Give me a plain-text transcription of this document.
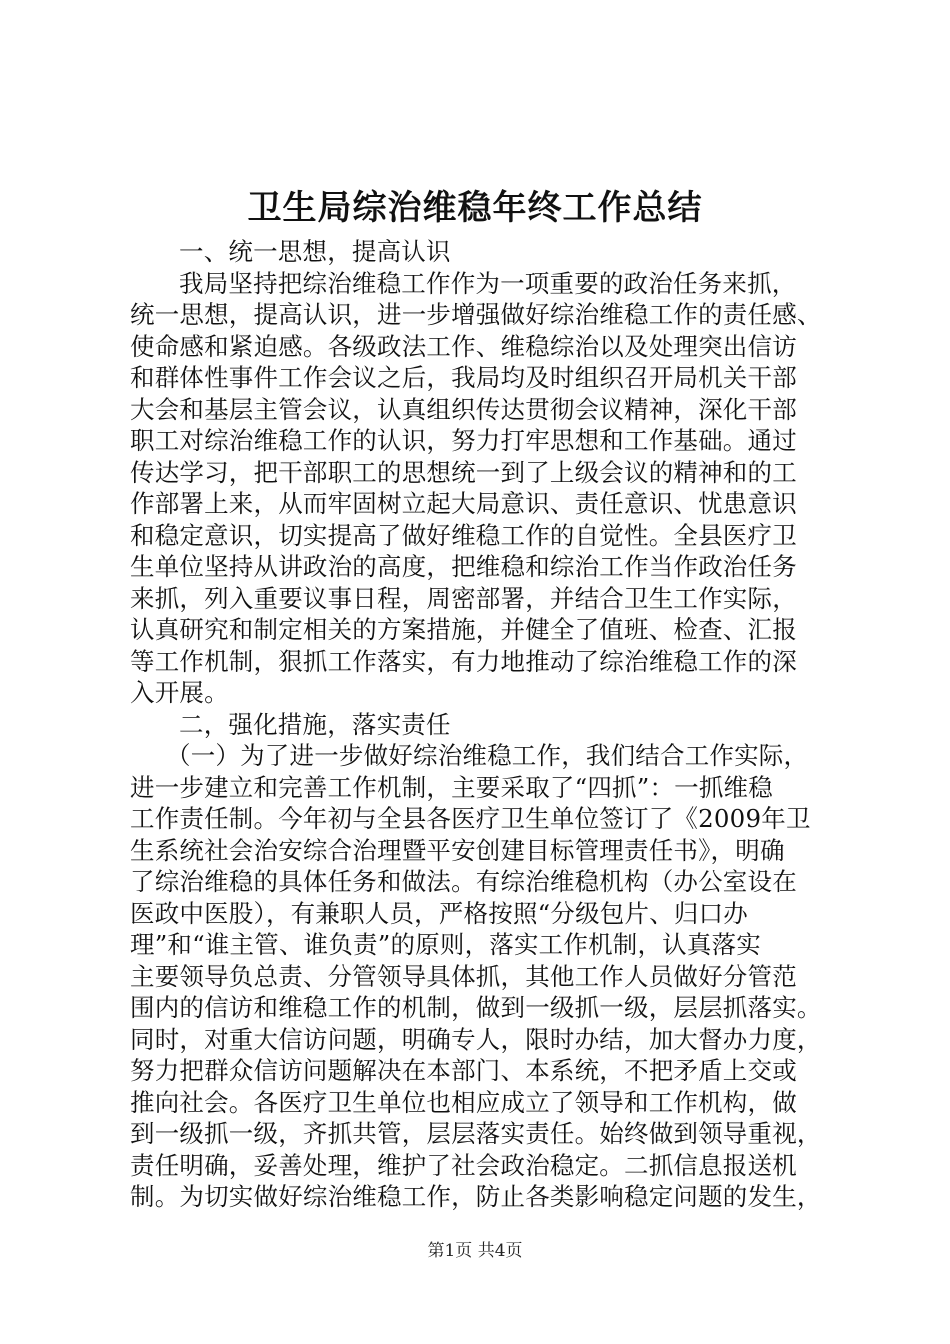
卫生局综治维稳年终工作总结
一、统一思想，提高认识
我局坚持把综治维稳工作作为一项重要的政治任务来抓，
统一思想，提高认识，进一步增强做好综治维稳工作的责任感、
使命感和紧迫感。各级政法工作、维稳综治以及处理突出信访
和群体性事件工作会议之后，我局均及时组织召开局机关干部
大会和基层主管会议，认真组织传达贯彻会议精神，深化干部
职工对综治维稳工作的认识，努力打牢思想和工作基础。通过
传达学习，把干部职工的思想统一到了上级会议的精神和的工
作部署上来，从而牢固树立起大局意识、责任意识、忧患意识
和稳定意识，切实提高了做好维稳工作的自觉性。全县医疗卫
生单位坚持从讲政治的高度，把维稳和综治工作当作政治任务
来抓，列入重要议事日程，周密部署，并结合卫生工作实际，
认真研究和制定相关的方案措施，并健全了值班、检查、汇报
等工作机制，狠抓工作落实，有力地推动了综治维稳工作的深
入开展。
二，强化措施，落实责任
（一）为了进一步做好综治维稳工作，我们结合工作实际，
进一步建立和完善工作机制，主要采取了“四抓”：一抓维稳
工作责任制。今年初与全县各医疗卫生单位签订了《2009年卫
生系统社会治安综合治理暨平安创建目标管理责任书》，明确
了综治维稳的具体任务和做法。有综治维稳机构（办公室设在
医政中医股），有兼职人员，严格按照“分级包片、归口办
理”和“谁主管、谁负责”的原则，落实工作机制，认真落实
主要领导负总责、分管领导具体抓，其他工作人员做好分管范
围内的信访和维稳工作的机制，做到一级抓一级，层层抓落实。
同时，对重大信访问题，明确专人，限时办结，加大督办力度，
努力把群众信访问题解决在本部门、本系统，不把矛盾上交或
推向社会。各医疗卫生单位也相应成立了领导和工作机构，做
到一级抓一级，齐抓共管，层层落实责任。始终做到领导重视，
责任明确，妥善处理，维护了社会政治稳定。二抓信息报送机
制。为切实做好综治维稳工作，防止各类影响稳定问题的发生，
第1页 共4页
